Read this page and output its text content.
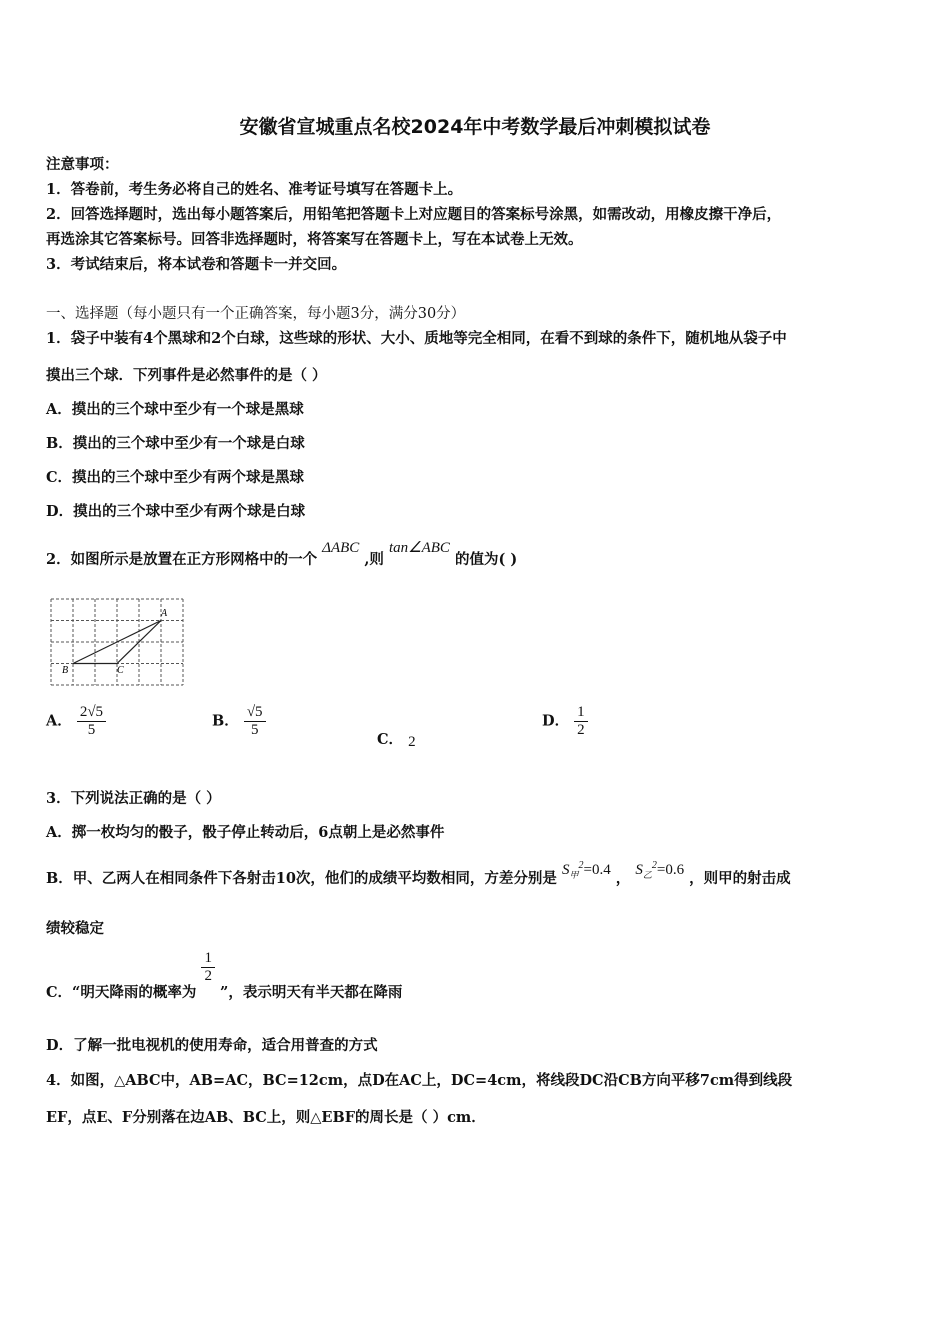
安徽省宣城重点名校2024年中考数学最后冲刺模拟试卷
注意事项：
1．答卷前，考生务必将自己的姓名、准考证号填写在答题卡上。
2．回答选择题时，选出每小题答案后，用铅笔把答题卡上对应题目的答案标号涂黑，如需改动，用橡皮擦干净后，
再选涂其它答案标号。回答非选择题时，将答案写在答题卡上，写在本试卷上无效。
3．考试结束后，将本试卷和答题卡一并交回。
一、选择题（每小题只有一个正确答案，每小题3分，满分30分）
1．袋子中装有4个黑球和2个白球，这些球的形状、大小、质地等完全相同，在看不到球的条件下，随机地从袋子中
摸出三个球．下列事件是必然事件的是（ ）
A．摸出的三个球中至少有一个球是黑球
B．摸出的三个球中至少有一个球是白球
C．摸出的三个球中至少有两个球是黑球
D．摸出的三个球中至少有两个球是白球
2．如图所示是放置在正方形网格中的一个 ΔABC ,则 tan∠ABC 的值为( )
A
B	C
A． $\frac{2√5}{5}$	B． $\frac{√5}{5}$
C． 2
D． $\frac{1}{2}$
3．下列说法正确的是（ ）
A．掷一枚均匀的骰子，骰子停止转动后，6点朝上是必然事件
B．甲、乙两人在相同条件下各射击10次，他们的成绩平均数相同，方差分别是 $S_甲^2=0.4$ ， $S_乙^2=0.6$ ，则甲的射击成
绩较稳定
C．“明天降雨的概率为
$\frac{1}{2}$
”，表示明天有半天都在降雨
D．了解一批电视机的使用寿命，适合用普查的方式
4．如图，△ABC中，AB=AC，BC=12cm，点D在AC上，DC=4cm，将线段DC沿CB方向平移7cm得到线段
EF，点E、F分别落在边AB、BC上，则△EBF的周长是（ ）cm．
